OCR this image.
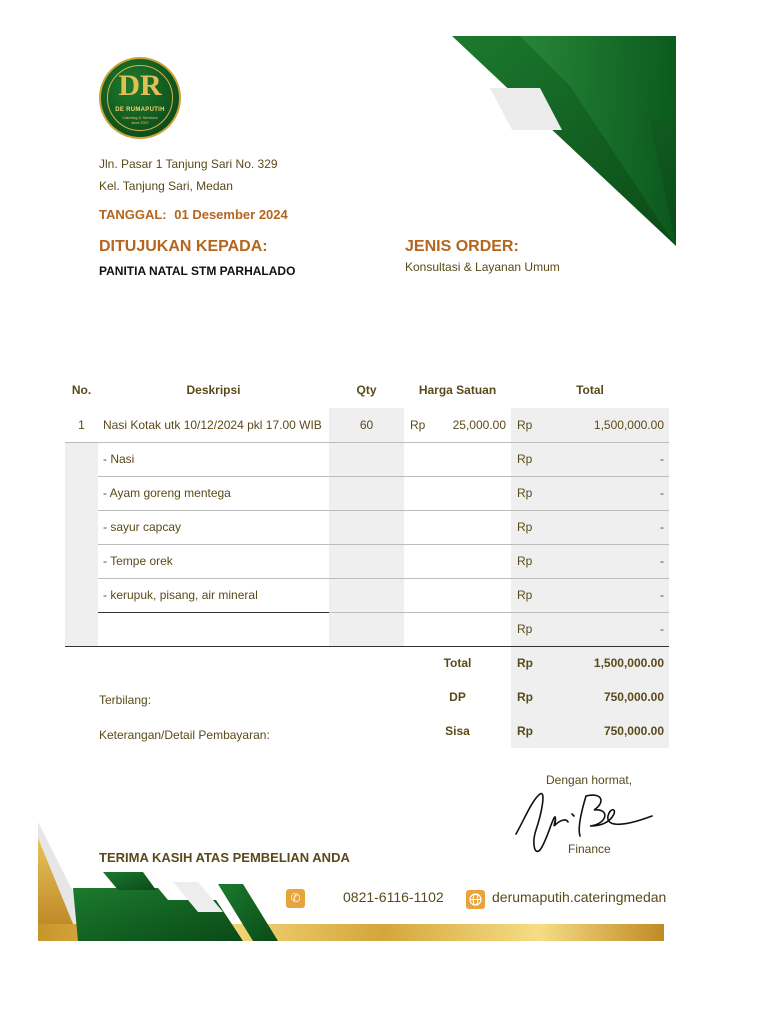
DR
DE RUMAPUTIH
Catering & Services
since 2007
Jln. Pasar 1 Tanjung Sari No. 329
Kel. Tanjung Sari, Medan
TANGGAL: 01 Desember 2024
DITUJUKAN KEPADA:
PANITIA NATAL STM PARHALADO
JENIS ORDER:
Konsultasi & Layanan Umum
No.	Deskripsi	Qty	Harga Satuan		Total	
1	Nasi Kotak utk 10/12/2024 pkl 17.00 WIB	60	Rp	25,000.00	Rp	1,500,000.00
	- Nasi				Rp	-
	- Ayam goreng mentega				Rp	-
	- sayur capcay				Rp	-
	- Tempe orek				Rp	-
	- kerupuk, pisang, air mineral				Rp	-
					Rp	-
			Total		Rp	1,500,000.00
			DP		Rp	750,000.00
			Sisa		Rp	750,000.00
Terbilang:
Keterangan/Detail Pembayaran:
Dengan hormat,
Finance
TERIMA KASIH ATAS PEMBELIAN ANDA
✆	0821-6116-1102	derumaputih.cateringmedan
